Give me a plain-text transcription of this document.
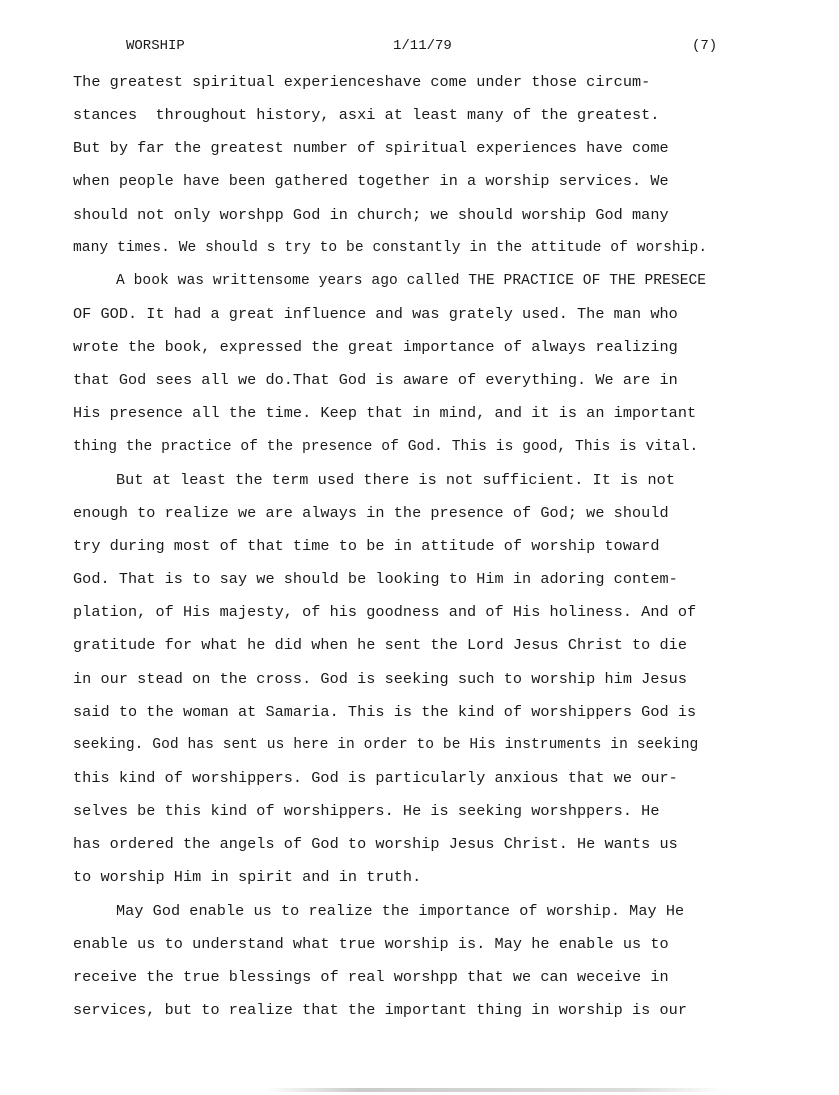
WORSHIP	1/11/79	(7)
The greatest spiritual experienceshave come under those circum-
stances  throughout history, asxi at least many of the greatest.
But by far the greatest number of spiritual experiences have come
when people have been gathered together in a worship services. We
should not only worshpp God in church; we should worship God many
many times. We should s try to be constantly in the attitude of worship.
A book was writtensome years ago called THE PRACTICE OF THE PRESECE
OF GOD. It had a great influence and was grately used. The man who
wrote the book, expressed the great importance of always realizing
that God sees all we do.That God is aware of everything. We are in
His presence all the time. Keep that in mind, and it is an important
thing the practice of the presence of God. This is good, This is vital.
But at least the term used there is not sufficient. It is not
enough to realize we are always in the presence of God; we should
try during most of that time to be in attitude of worship toward
God. That is to say we should be looking to Him in adoring contem-
plation, of His majesty, of his goodness and of His holiness. And of
gratitude for what he did when he sent the Lord Jesus Christ to die
in our stead on the cross. God is seeking such to worship him Jesus
said to the woman at Samaria. This is the kind of worshippers God is
seeking. God has sent us here in order to be His instruments in seeking
this kind of worshippers. God is particularly anxious that we our-
selves be this kind of worshippers. He is seeking worshppers. He
has ordered the angels of God to worship Jesus Christ. He wants us
to worship Him in spirit and in truth.
May God enable us to realize the importance of worship. May He
enable us to understand what true worship is. May he enable us to
receive the true blessings of real worshpp that we can weceive in
services, but to realize that the important thing in worship is our
